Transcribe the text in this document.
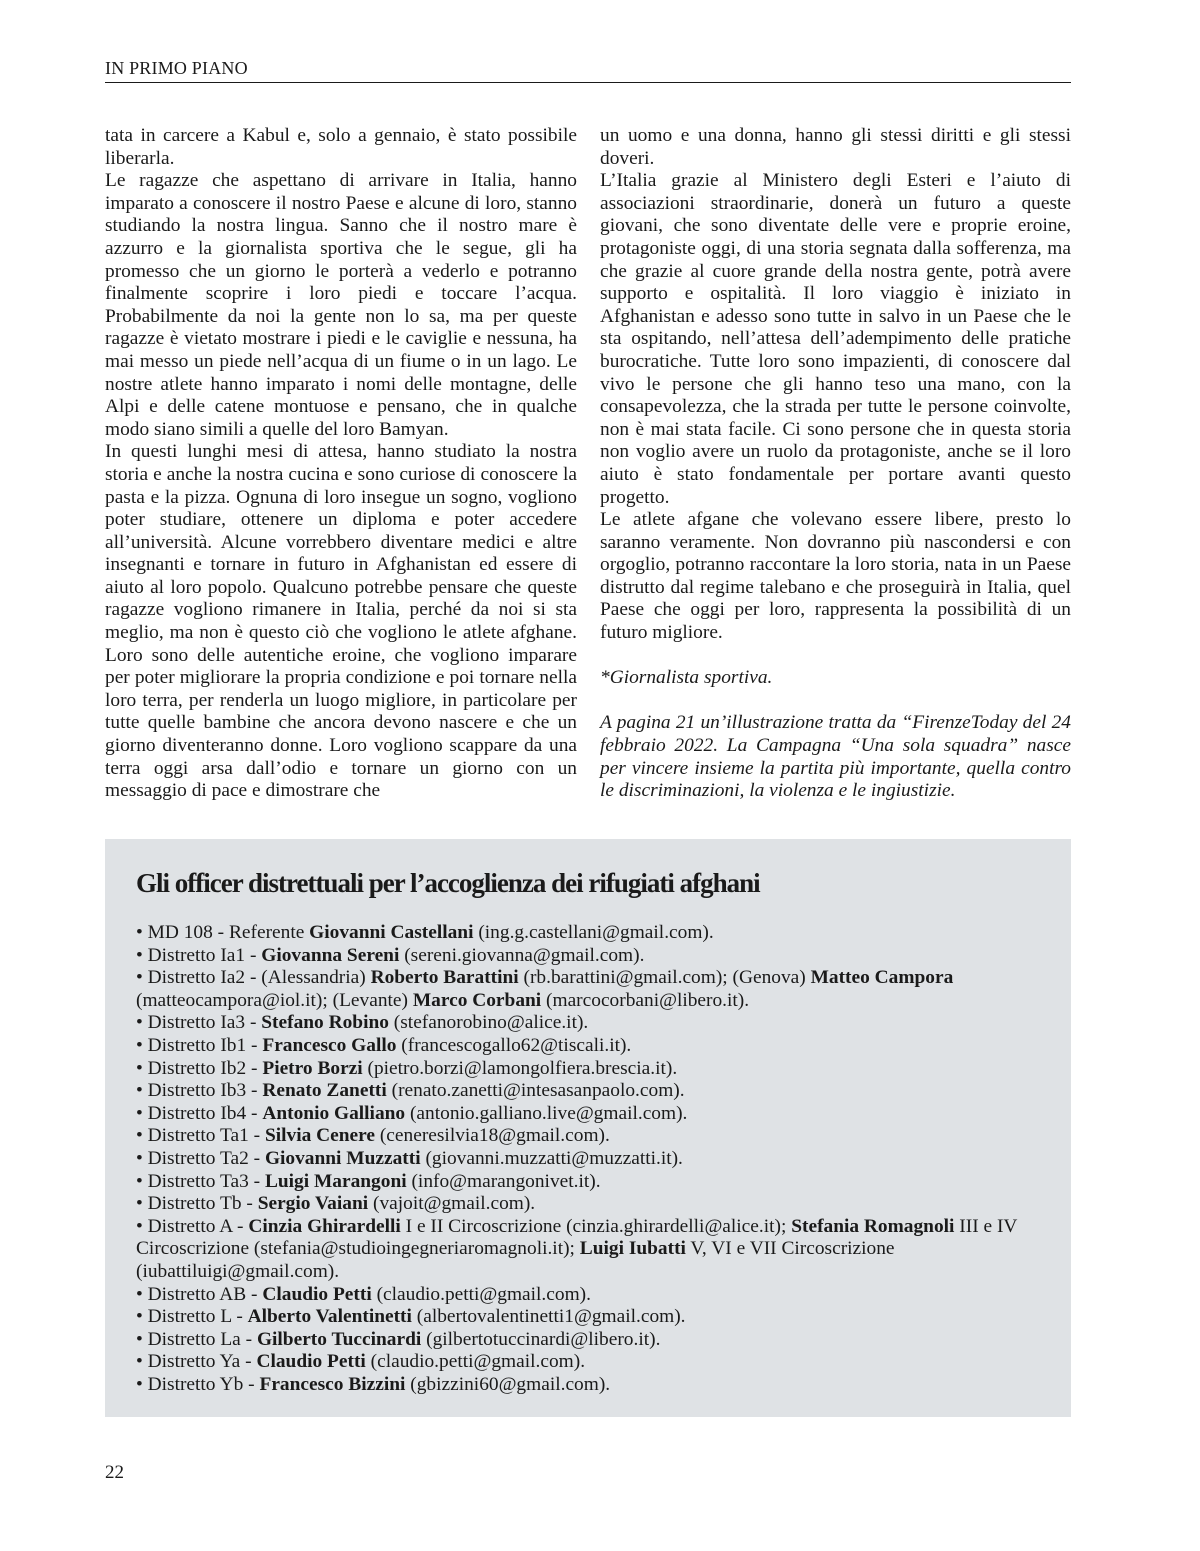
IN PRIMO PIANO

tata in carcere a Kabul e, solo a gennaio, è stato possibile liberarla.

Le ragazze che aspettano di arrivare in Italia, hanno imparato a conoscere il nostro Paese e alcune di loro, stanno studiando la nostra lingua. Sanno che il nostro mare è azzurro e la giornalista sportiva che le segue, gli ha promesso che un giorno le porterà a vederlo e potranno finalmente scoprire i loro piedi e toccare l’acqua. Probabilmente da noi la gente non lo sa, ma per queste ragazze è vietato mostrare i piedi e le caviglie e nessuna, ha mai messo un piede nell’acqua di un fiume o in un lago. Le nostre atlete hanno imparato i nomi delle montagne, delle Alpi e delle catene montuose e pensano, che in qualche modo siano simili a quelle del loro Bamyan.

In questi lunghi mesi di attesa, hanno studiato la nostra storia e anche la nostra cucina e sono curiose di conoscere la pasta e la pizza. Ognuna di loro insegue un sogno, vogliono poter studiare, ottenere un diploma e poter accedere all’università. Alcune vorrebbero diventare medici e altre insegnanti e tornare in futuro in Afghanistan ed essere di aiuto al loro popolo. Qualcuno potrebbe pensare che queste ragazze vogliono rimanere in Italia, perché da noi si sta meglio, ma non è questo ciò che vogliono le atlete afghane. Loro sono delle autentiche eroine, che vogliono imparare per poter migliorare la propria condizione e poi tornare nella loro terra, per renderla un luogo migliore, in particolare per tutte quelle bambine che ancora devono nascere e che un giorno diventeranno donne. Loro vogliono scappare da una terra oggi arsa dall’odio e tornare un giorno con un messaggio di pace e dimostrare che

un uomo e una donna, hanno gli stessi diritti e gli stessi doveri.

L’Italia grazie al Ministero degli Esteri e l’aiuto di associazioni straordinarie, donerà un futuro a queste giovani, che sono diventate delle vere e proprie eroine, protagoniste oggi, di una storia segnata dalla sofferenza, ma che grazie al cuore grande della nostra gente, potrà avere supporto e ospitalità. Il loro viaggio è iniziato in Afghanistan e adesso sono tutte in salvo in un Paese che le sta ospitando, nell’attesa dell’adempimento delle pratiche burocratiche. Tutte loro sono impazienti, di conoscere dal vivo le persone che gli hanno teso una mano, con la consapevolezza, che la strada per tutte le persone coinvolte, non è mai stata facile. Ci sono persone che in questa storia non voglio avere un ruolo da protagoniste, anche se il loro aiuto è stato fondamentale per portare avanti questo progetto.

Le atlete afgane che volevano essere libere, presto lo saranno veramente. Non dovranno più nascondersi e con orgoglio, potranno raccontare la loro storia, nata in un Paese distrutto dal regime talebano e che proseguirà in Italia, quel Paese che oggi per loro, rappresenta la possibilità di un futuro migliore.

*Giornalista sportiva.

A pagina 21 un’illustrazione tratta da “FirenzeToday del 24 febbraio 2022. La Campagna “Una sola squadra” nasce per vincere insieme la partita più importante, quella contro le discriminazioni, la violenza e le ingiustizie.

Gli officer distrettuali per l’accoglienza dei rifugiati afghani
• MD 108 - Referente Giovanni Castellani (ing.g.castellani@gmail.com).
• Distretto Ia1 - Giovanna Sereni (sereni.giovanna@gmail.com).
• Distretto Ia2 - (Alessandria) Roberto Barattini (rb.barattini@gmail.com); (Genova) Matteo Campora (matteocampora@iol.it); (Levante) Marco Corbani (marcocorbani@libero.it).
• Distretto Ia3 - Stefano Robino (stefanorobino@alice.it).
• Distretto Ib1 - Francesco Gallo (francescogallo62@tiscali.it).
• Distretto Ib2 - Pietro Borzi (pietro.borzi@lamongolfiera.brescia.it).
• Distretto Ib3 - Renato Zanetti (renato.zanetti@intesasanpaolo.com).
• Distretto Ib4 - Antonio Galliano (antonio.galliano.live@gmail.com).
• Distretto Ta1 - Silvia Cenere (ceneresilvia18@gmail.com).
• Distretto Ta2 - Giovanni Muzzatti (giovanni.muzzatti@muzzatti.it).
• Distretto Ta3 - Luigi Marangoni (info@marangonivet.it).
• Distretto Tb - Sergio Vaiani (vajoit@gmail.com).
• Distretto A - Cinzia Ghirardelli I e II Circoscrizione (cinzia.ghirardelli@alice.it); Stefania Romagnoli III e IV Circoscrizione (stefania@studioingegneriaromagnoli.it); Luigi Iubatti V, VI e VII Circoscrizione (iubattiluigi@gmail.com).
• Distretto AB - Claudio Petti (claudio.petti@gmail.com).
• Distretto L - Alberto Valentinetti (albertovalentinetti1@gmail.com).
• Distretto La - Gilberto Tuccinardi (gilbertotuccinardi@libero.it).
• Distretto Ya - Claudio Petti (claudio.petti@gmail.com).
• Distretto Yb - Francesco Bizzini (gbizzini60@gmail.com).
22
